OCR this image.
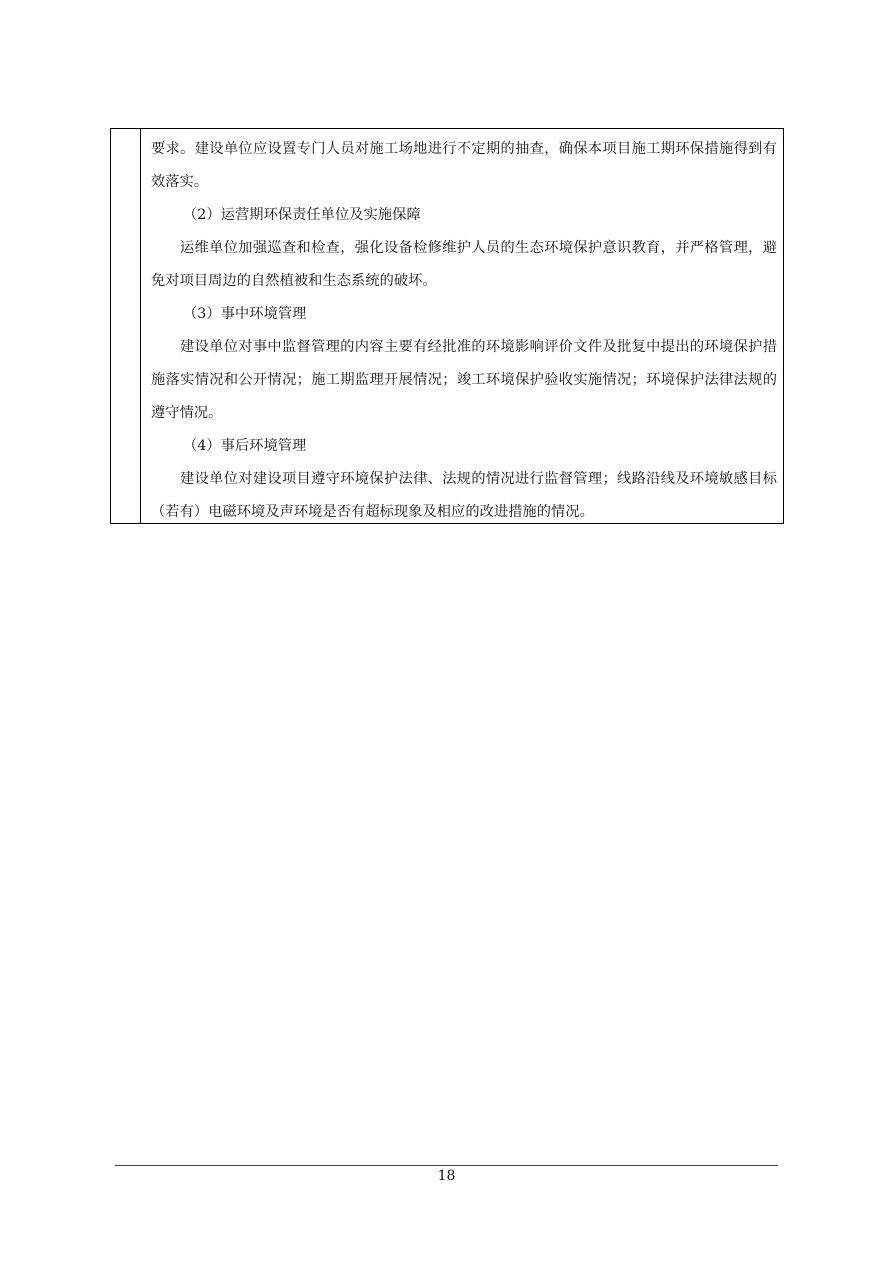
要求。建设单位应设置专门人员对施工场地进行不定期的抽查，确保本项目施工期环保措施得到有效落实。

（2）运营期环保责任单位及实施保障

运维单位加强巡查和检查，强化设备检修维护人员的生态环境保护意识教育，并严格管理，避免对项目周边的自然植被和生态系统的破坏。

（3）事中环境管理

建设单位对事中监督管理的内容主要有经批准的环境影响评价文件及批复中提出的环境保护措施落实情况和公开情况；施工期监理开展情况；竣工环境保护验收实施情况；环境保护法律法规的遵守情况。

（4）事后环境管理

建设单位对建设项目遵守环境保护法律、法规的情况进行监督管理；线路沿线及环境敏感目标（若有）电磁环境及声环境是否有超标现象及相应的改进措施的情况。

18
